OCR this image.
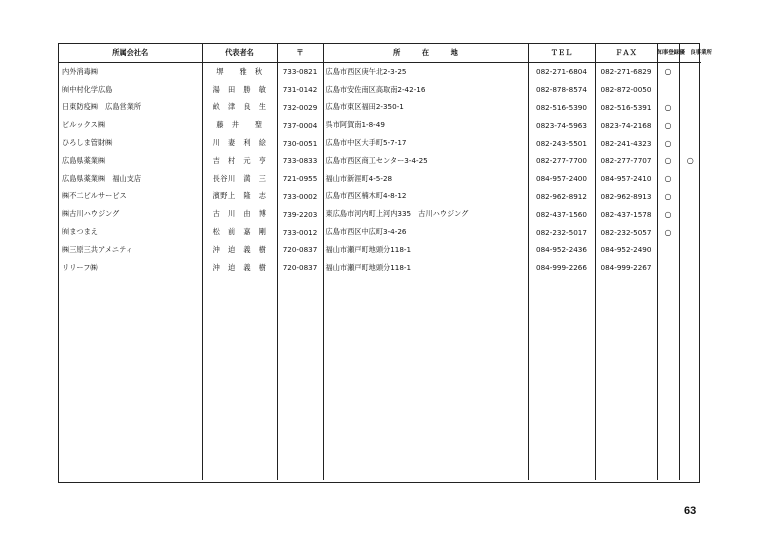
所属会社名	代表者名	〒	所　　　在　　　地	ＴＥＬ	ＦＡＸ	知事登録	優　良事業所
内外消毒㈱	堺　　雅　秋	733-0821	広島市西区庚午北2-3-25	082-271-6804	082-271-6829	○	
㈲中村化学広島	湯　田　勝　敏	731-0142	広島市安佐南区高取南2-42-16	082-878-8574	082-872-0050		
日東防疫㈱　広島営業所	畝　津　良　生	732-0029	広島市東区福田2-350-1	082-516-5390	082-516-5391	○	
ビルックス㈱	藤　井　　聖	737-0004	呉市阿賀南1-8-49	0823-74-5963	0823-74-2168	○	
ひろしま管財㈱	川　妻　利　絵	730-0051	広島市中区大手町5-7-17	082-243-5501	082-241-4323	○	
広島県薬業㈱	吉　村　元　亨	733-0833	広島市西区商工センター3-4-25	082-277-7700	082-277-7707	○	○
広島県薬業㈱　福山支店	長谷川　満　三	721-0955	福山市新涯町4-5-28	084-957-2400	084-957-2410	○	
㈱不二ビルサービス	濱野上　隆　志	733-0002	広島市西区楠木町4-8-12	082-962-8912	082-962-8913	○	
㈱古川ハウジング	古　川　由　博	739-2203	東広島市河内町上河内335　古川ハウジング	082-437-1560	082-437-1578	○	
㈲まつまえ	松　前　嘉　剛	733-0012	広島市西区中広町3-4-26	082-232-5017	082-232-5057	○	
㈱三原三共アメニティ	沖　迫　義　樹	720-0837	福山市瀬戸町地頭分118-1	084-952-2436	084-952-2490		
リリーフ㈱	沖　迫　義　樹	720-0837	福山市瀬戸町地頭分118-1	084-999-2266	084-999-2267		

63
